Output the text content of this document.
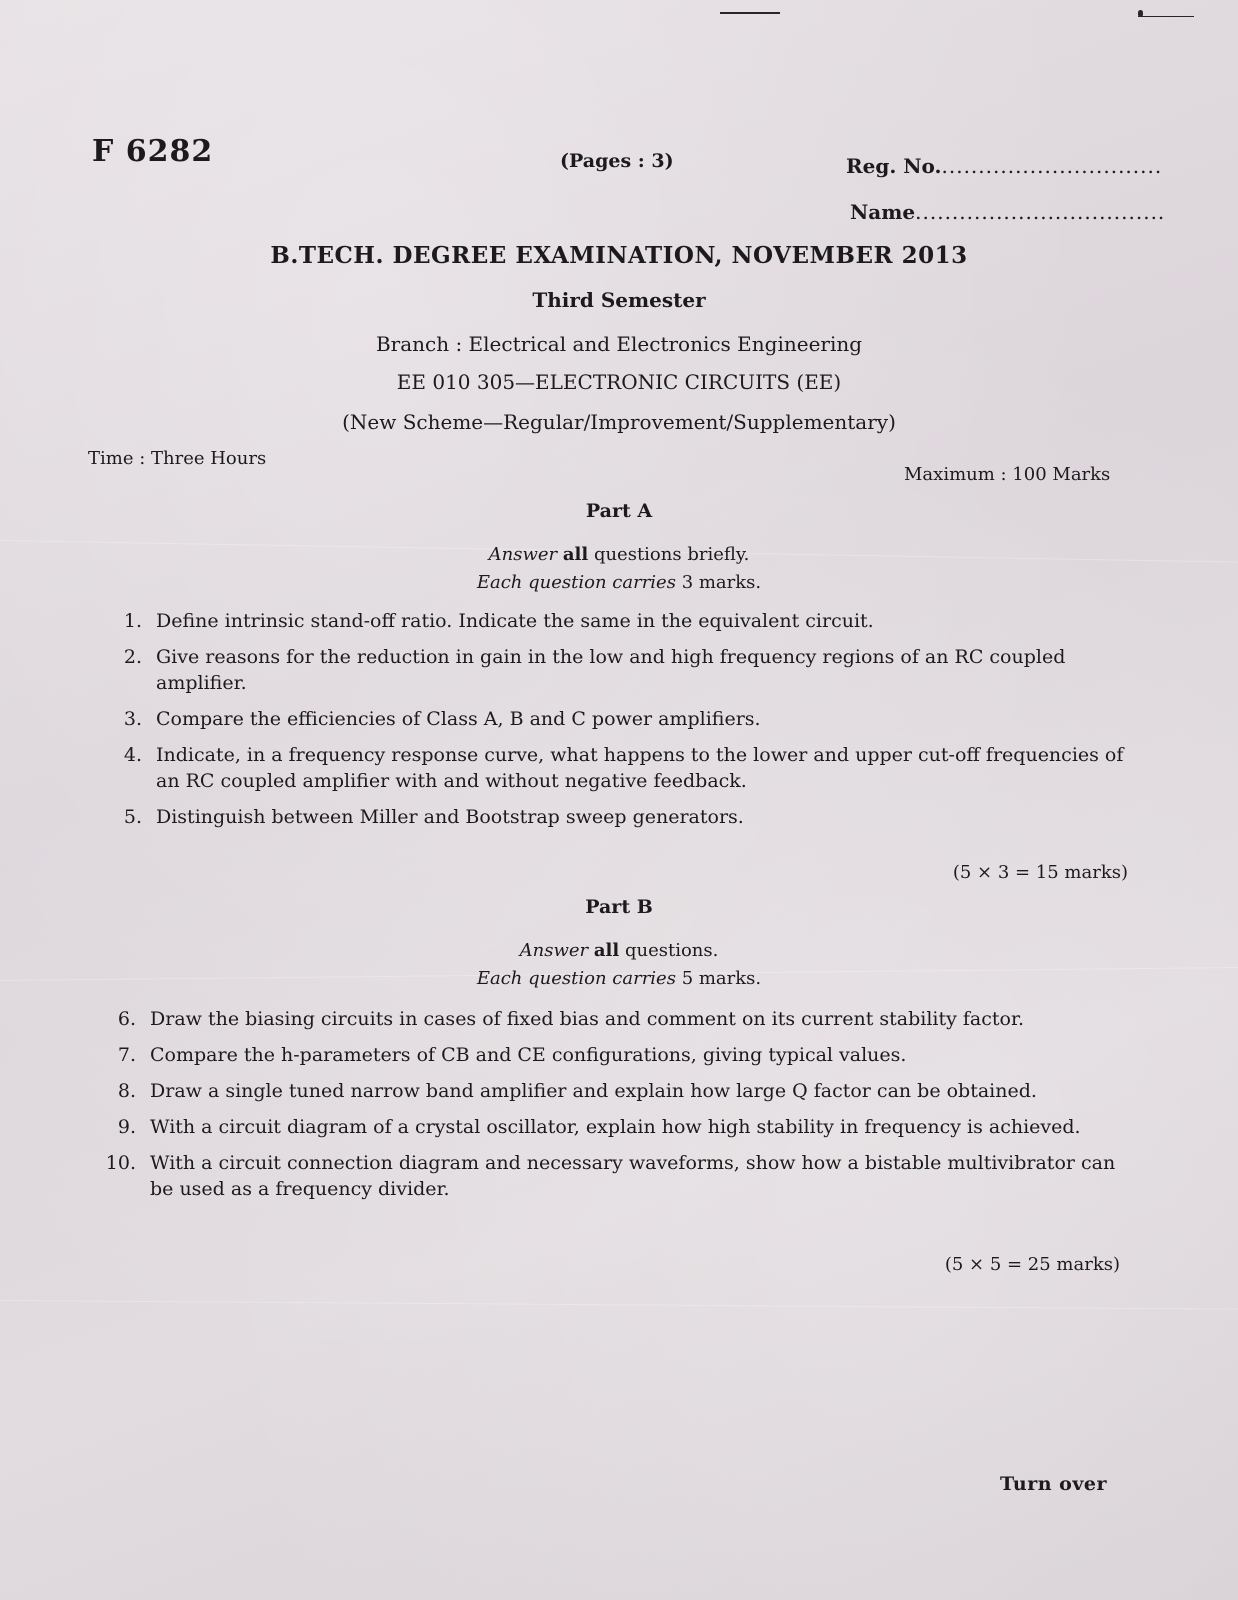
F 6282	(Pages : 3)	Reg. No...............................
Name..................................
B.TECH. DEGREE EXAMINATION, NOVEMBER 2013
Third Semester
Branch : Electrical and Electronics Engineering
EE 010 305—ELECTRONIC CIRCUITS (EE)
(New Scheme—Regular/Improvement/Supplementary)
Time : Three Hours
Maximum : 100 Marks
Part A
Answer all questions briefly.
Each question carries 3 marks.
1. Define intrinsic stand-off ratio. Indicate the same in the equivalent circuit.
2. Give reasons for the reduction in gain in the low and high frequency regions of an RC coupled amplifier.
3. Compare the efficiencies of Class A, B and C power amplifiers.
4. Indicate, in a frequency response curve, what happens to the lower and upper cut-off frequencies of an RC coupled amplifier with and without negative feedback.
5. Distinguish between Miller and Bootstrap sweep generators.
(5 × 3 = 15 marks)
Part B
Answer all questions.
Each question carries 5 marks.
6. Draw the biasing circuits in cases of fixed bias and comment on its current stability factor.
7. Compare the h-parameters of CB and CE configurations, giving typical values.
8. Draw a single tuned narrow band amplifier and explain how large Q factor can be obtained.
9. With a circuit diagram of a crystal oscillator, explain how high stability in frequency is achieved.
10. With a circuit connection diagram and necessary waveforms, show how a bistable multivibrator can be used as a frequency divider.
(5 × 5 = 25 marks)
Turn over
